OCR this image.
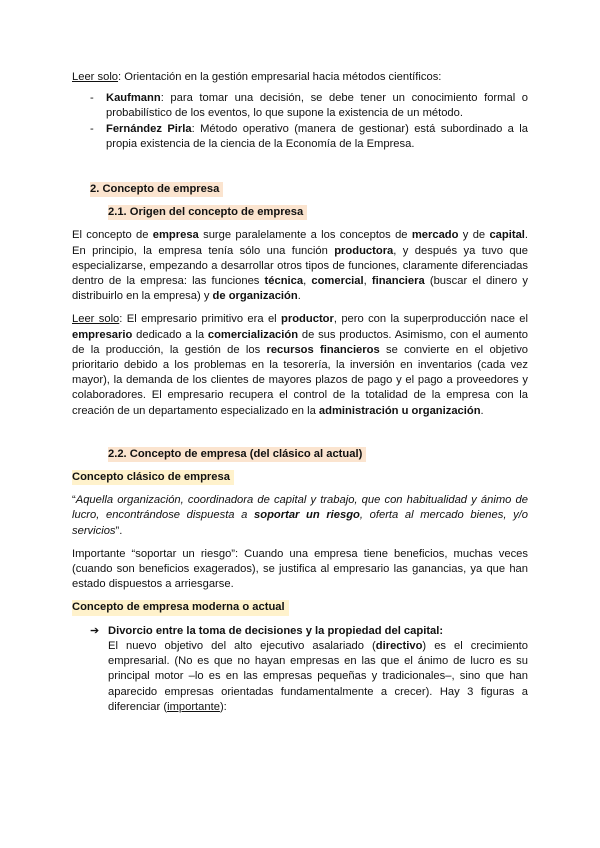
Leer solo: Orientación en la gestión empresarial hacia métodos científicos:

- Kaufmann: para tomar una decisión, se debe tener un conocimiento formal o probabilístico de los eventos, lo que supone la existencia de un método.
- Fernández Pirla: Método operativo (manera de gestionar) está subordinado a la propia existencia de la ciencia de la Economía de la Empresa.
2. Concepto de empresa
2.1. Origen del concepto de empresa

El concepto de empresa surge paralelamente a los conceptos de mercado y de capital. En principio, la empresa tenía sólo una función productora, y después ya tuvo que especializarse, empezando a desarrollar otros tipos de funciones, claramente diferenciadas dentro de la empresa: las funciones técnica, comercial, financiera (buscar el dinero y distribuirlo en la empresa) y de organización.

Leer solo: El empresario primitivo era el productor, pero con la superproducción nace el empresario dedicado a la comercialización de sus productos. Asimismo, con el aumento de la producción, la gestión de los recursos financieros se convierte en el objetivo prioritario debido a los problemas en la tesorería, la inversión en inventarios (cada vez mayor), la demanda de los clientes de mayores plazos de pago y el pago a proveedores y colaboradores. El empresario recupera el control de la totalidad de la empresa con la creación de un departamento especializado en la administración u organización.

2.2. Concepto de empresa (del clásico al actual)
Concepto clásico de empresa

“Aquella organización, coordinadora de capital y trabajo, que con habitualidad y ánimo de lucro, encontrándose dispuesta a soportar un riesgo, oferta al mercado bienes, y/o servicios”.

Importante “soportar un riesgo”: Cuando una empresa tiene beneficios, muchas veces (cuando son beneficios exagerados), se justifica al empresario las ganancias, ya que han estado dispuestos a arriesgarse.

Concepto de empresa moderna o actual
➔ Divorcio entre la toma de decisiones y la propiedad del capital:

El nuevo objetivo del alto ejecutivo asalariado (directivo) es el crecimiento empresarial. (No es que no hayan empresas en las que el ánimo de lucro es su principal motor –lo es en las empresas pequeñas y tradicionales–, sino que han aparecido empresas orientadas fundamentalmente a crecer). Hay 3 figuras a diferenciar (importante):
